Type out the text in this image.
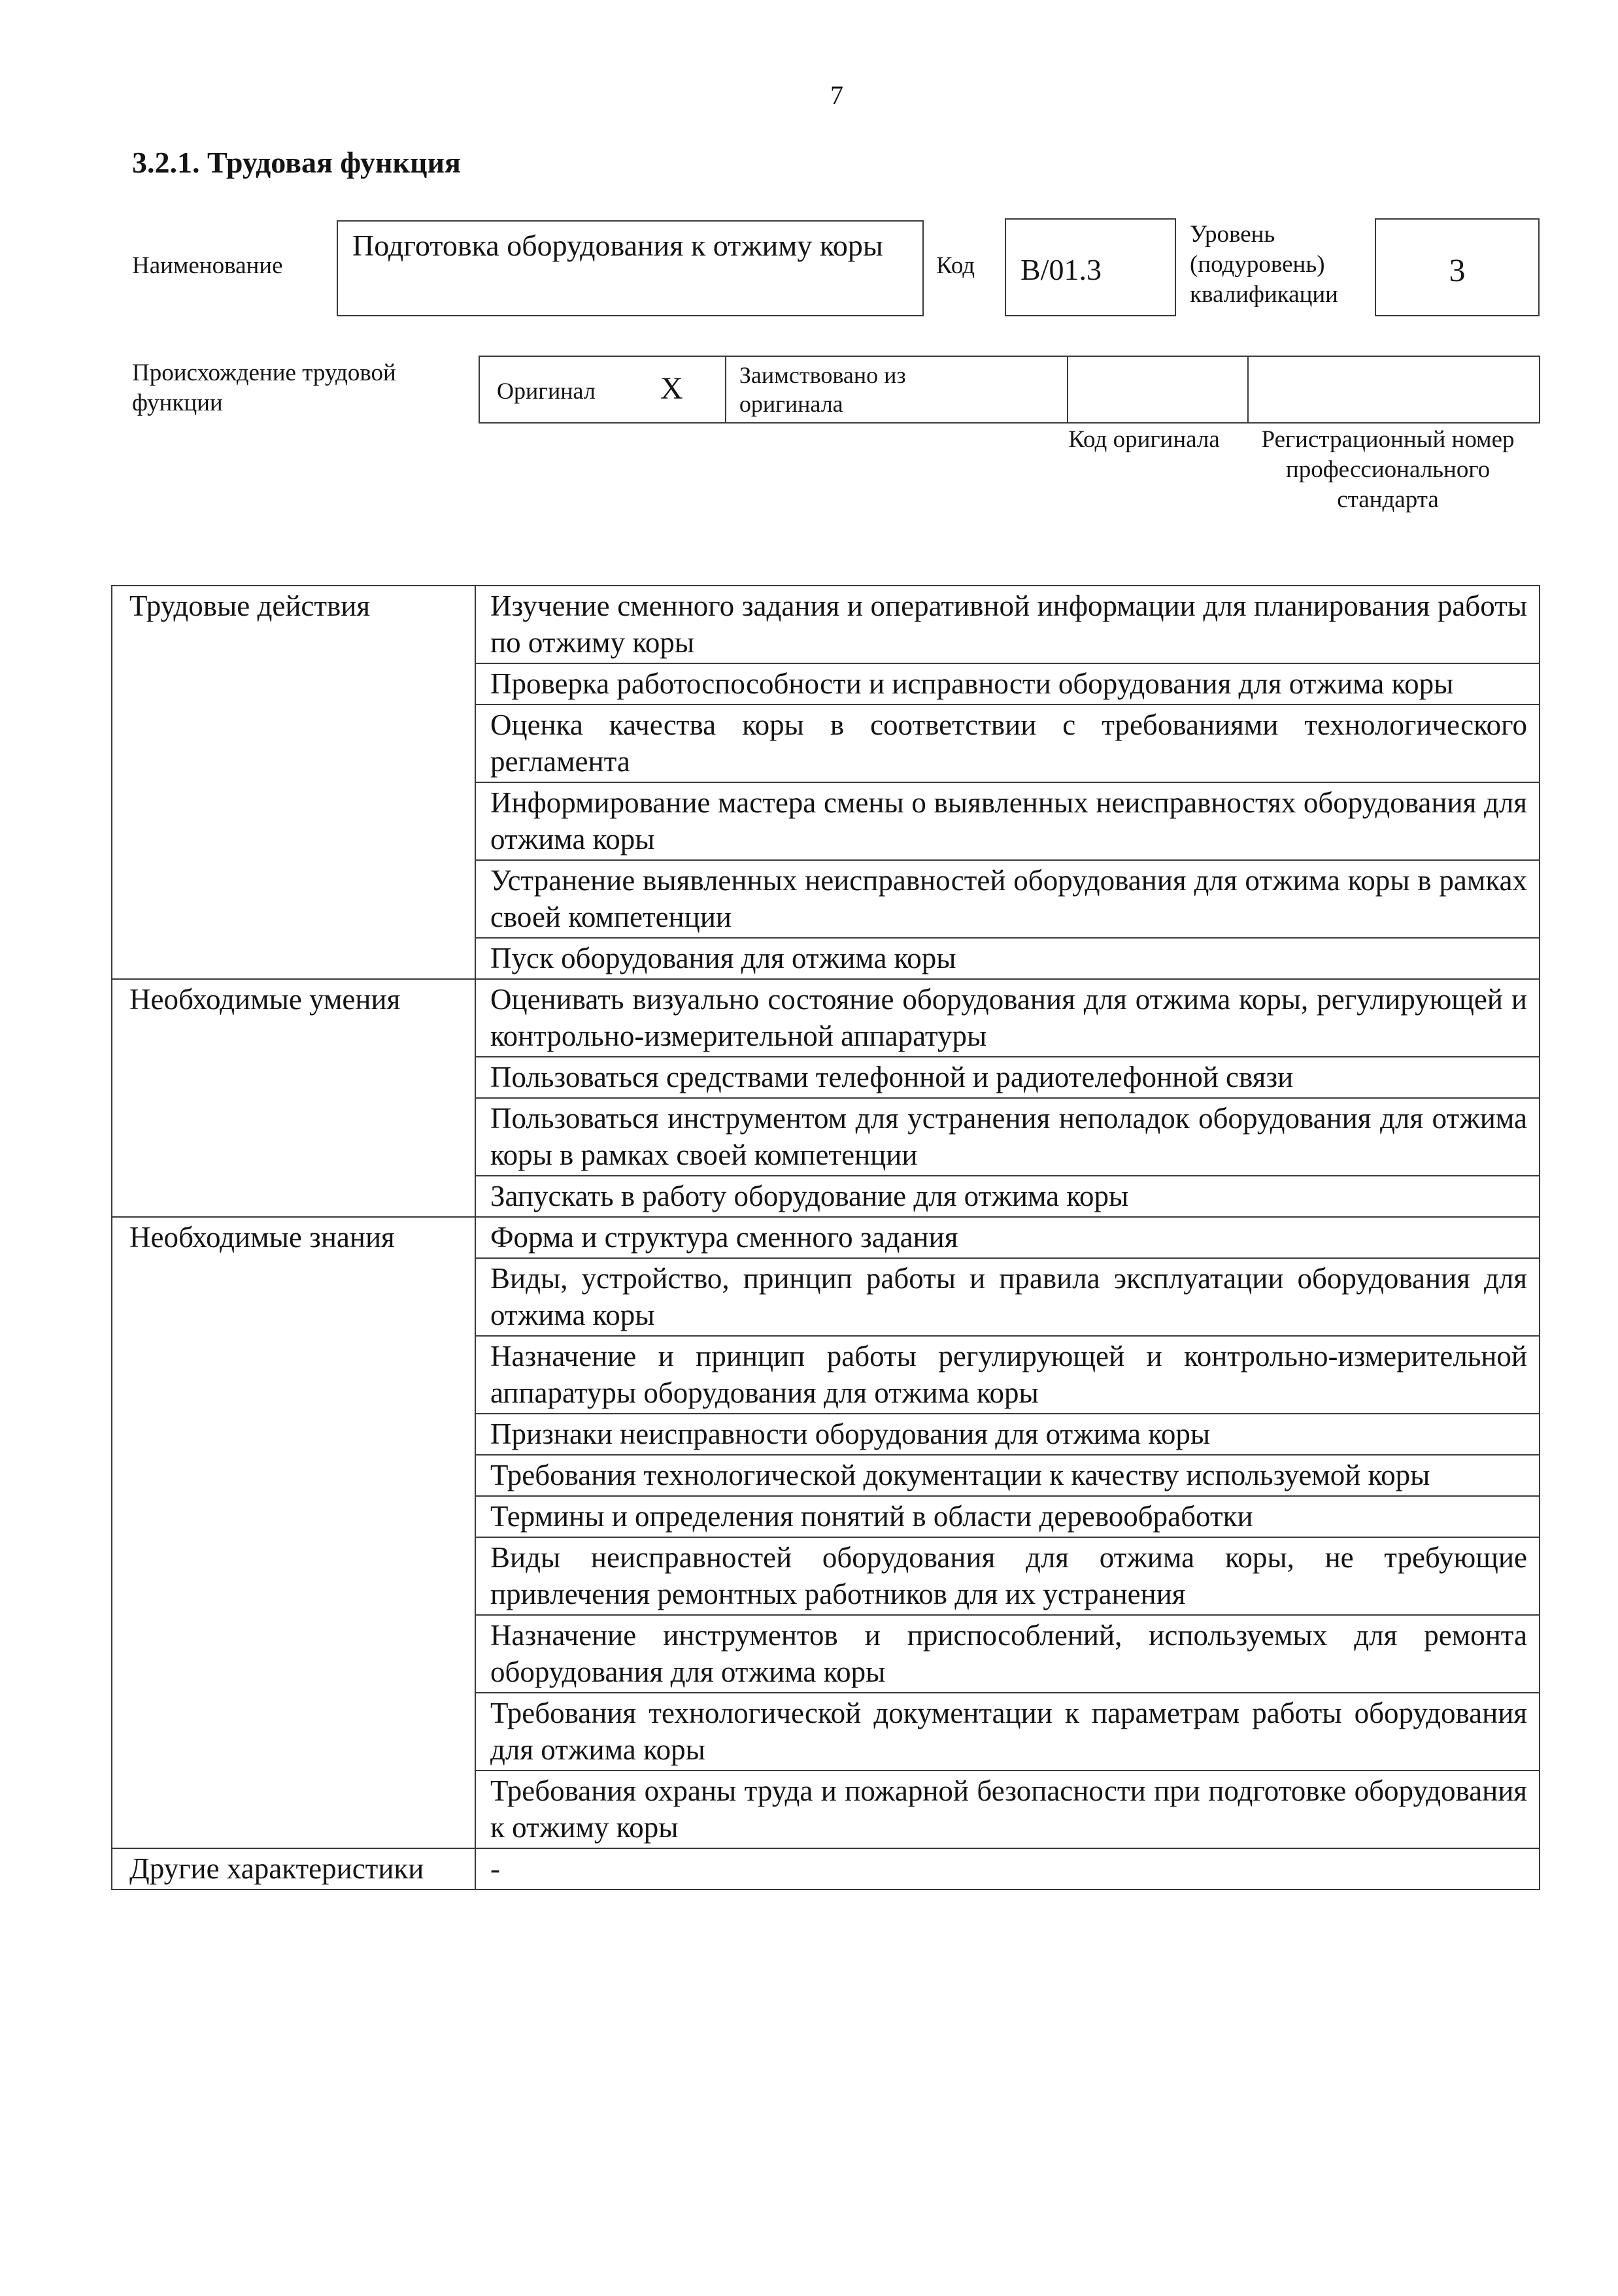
7
3.2.1. Трудовая функция
Наименование
Подготовка оборудования к отжиму коры
Код	B/01.3
Уровень (подуровень) квалификации
3
Происхождение трудовой функции	Оригинал X	Заимствовано из оригинала

Код оригинала	Регистрационный номер профессионального стандарта
Трудовые действия	Изучение сменного задания и оперативной информации для планирования работы по отжиму коры
	Проверка работоспособности и исправности оборудования для отжима коры
	Оценка качества коры в соответствии с требованиями технологического регламента
	Информирование мастера смены о выявленных неисправностях оборудования для отжима коры
	Устранение выявленных неисправностей оборудования для отжима коры в рамках своей компетенции
	Пуск оборудования для отжима коры
Необходимые умения	Оценивать визуально состояние оборудования для отжима коры, регулирующей и контрольно-измерительной аппаратуры
	Пользоваться средствами телефонной и радиотелефонной связи
	Пользоваться инструментом для устранения неполадок оборудования для отжима коры в рамках своей компетенции
	Запускать в работу оборудование для отжима коры
Необходимые знания	Форма и структура сменного задания
	Виды, устройство, принцип работы и правила эксплуатации оборудования для отжима коры
	Назначение и принцип работы регулирующей и контрольно-измерительной аппаратуры оборудования для отжима коры
	Признаки неисправности оборудования для отжима коры
	Требования технологической документации к качеству используемой коры
	Термины и определения понятий в области деревообработки
	Виды неисправностей оборудования для отжима коры, не требующие привлечения ремонтных работников для их устранения
	Назначение инструментов и приспособлений, используемых для ремонта оборудования для отжима коры
	Требования технологической документации к параметрам работы оборудования для отжима коры
	Требования охраны труда и пожарной безопасности при подготовке оборудования к отжиму коры
Другие характеристики	-
